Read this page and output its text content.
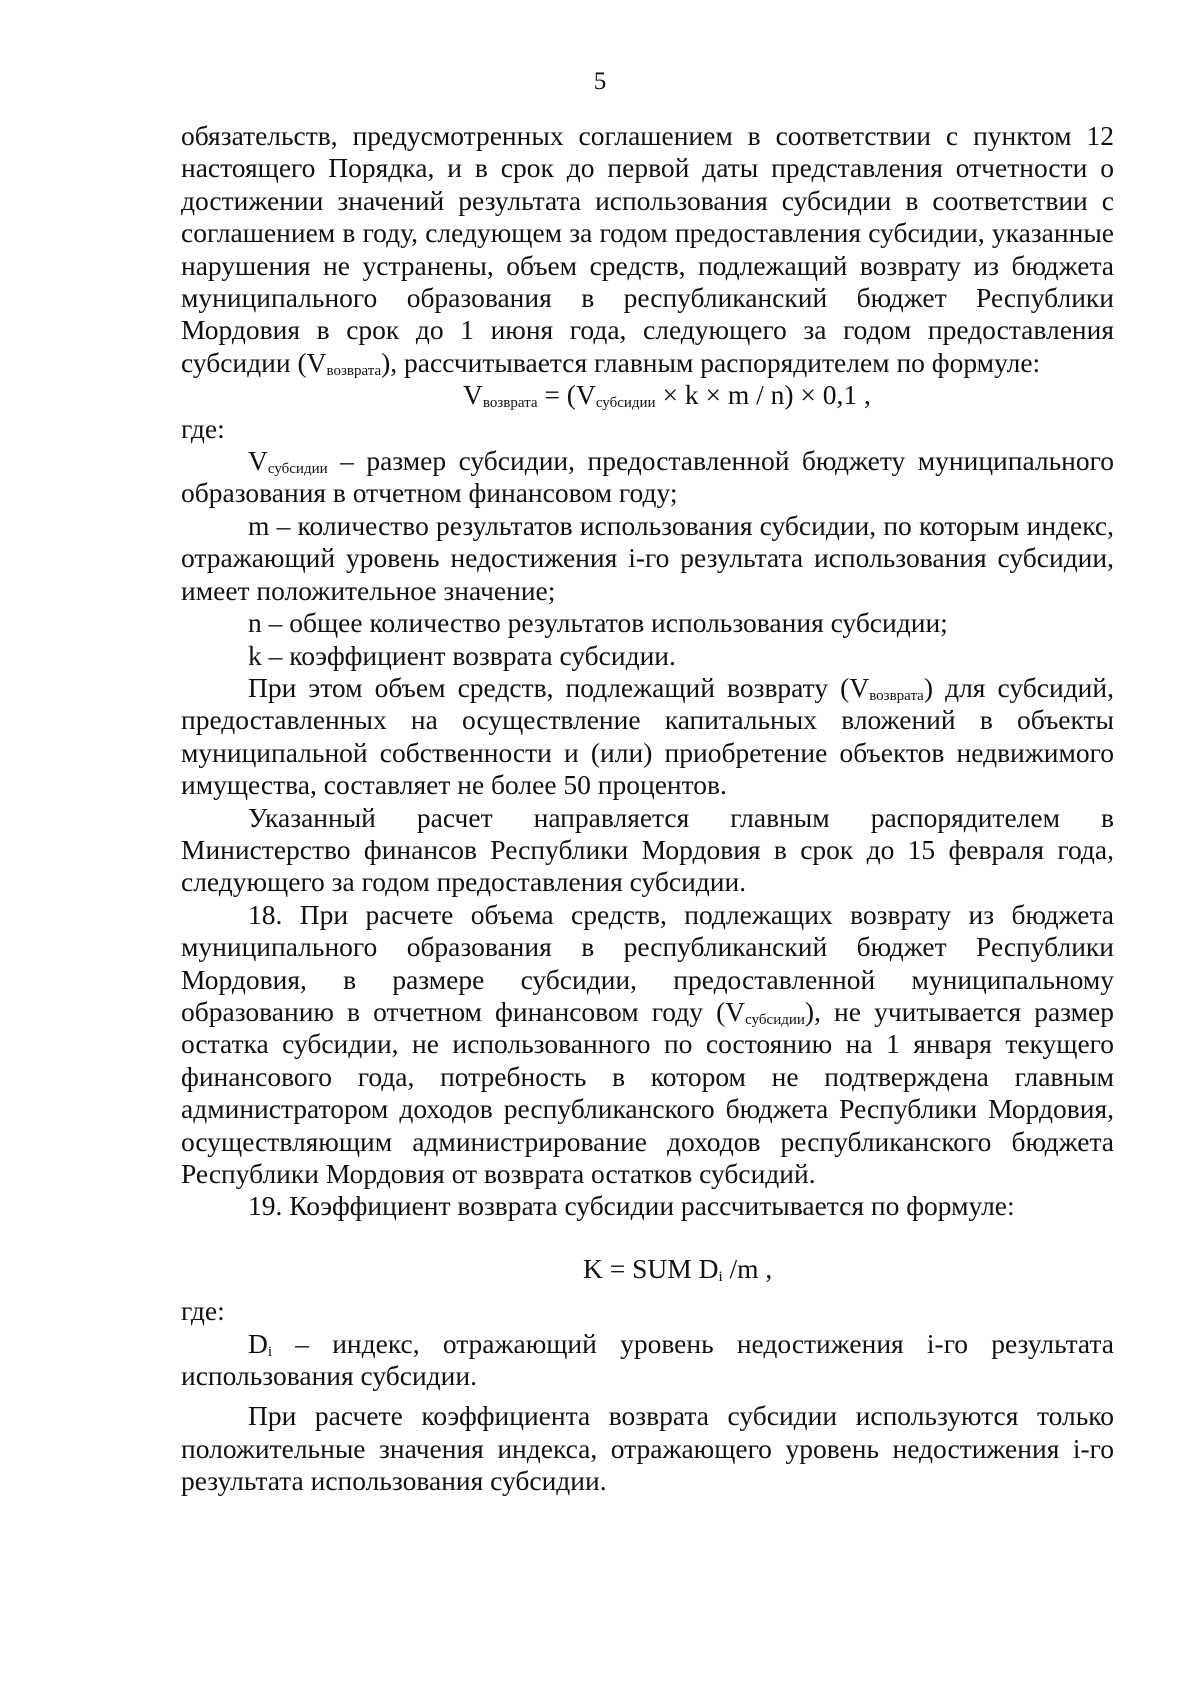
5

обязательств, предусмотренных соглашением в соответствии с пунктом 12 настоящего Порядка, и в срок до первой даты представления отчетности о достижении значений результата использования субсидии в соответствии с соглашением в году, следующем за годом предоставления субсидии, указанные нарушения не устранены, объем средств, подлежащий возврату из бюджета муниципального образования в республиканский бюджет Республики Мордовия в срок до 1 июня года, следующего за годом предоставления субсидии $(V_{возврата})$, рассчитывается главным распорядителем по формуле:

$V_{возврата} = (V_{субсидии} \times k \times m / n) \times 0,1$ ,

где:

$V_{субсидии}$ – размер субсидии, предоставленной бюджету муниципального образования в отчетном финансовом году;

m – количество результатов использования субсидии, по которым индекс, отражающий уровень недостижения i-го результата использования субсидии, имеет положительное значение;

n – общее количество результатов использования субсидии;

k – коэффициент возврата субсидии.

При этом объем средств, подлежащий возврату $(V_{возврата})$ для субсидий, предоставленных на осуществление капитальных вложений в объекты муниципальной собственности и (или) приобретение объектов недвижимого имущества, составляет не более 50 процентов.

Указанный расчет направляется главным распорядителем в Министерство финансов Республики Мордовия в срок до 15 февраля года, следующего за годом предоставления субсидии.

18. При расчете объема средств, подлежащих возврату из бюджета муниципального образования в республиканский бюджет Республики Мордовия, в размере субсидии, предоставленной муниципальному образованию в отчетном финансовом году $(V_{субсидии})$, не учитывается размер остатка субсидии, не использованного по состоянию на 1 января текущего финансового года, потребность в котором не подтверждена главным администратором доходов республиканского бюджета Республики Мордовия, осуществляющим администрирование доходов республиканского бюджета Республики Мордовия от возврата остатков субсидий.

19. Коэффициент возврата субсидии рассчитывается по формуле:

K = SUM $D_i$ /m ,

где:

$D_i$ – индекс, отражающий уровень недостижения i-го результата использования субсидии.

При расчете коэффициента возврата субсидии используются только положительные значения индекса, отражающего уровень недостижения i-го результата использования субсидии.
